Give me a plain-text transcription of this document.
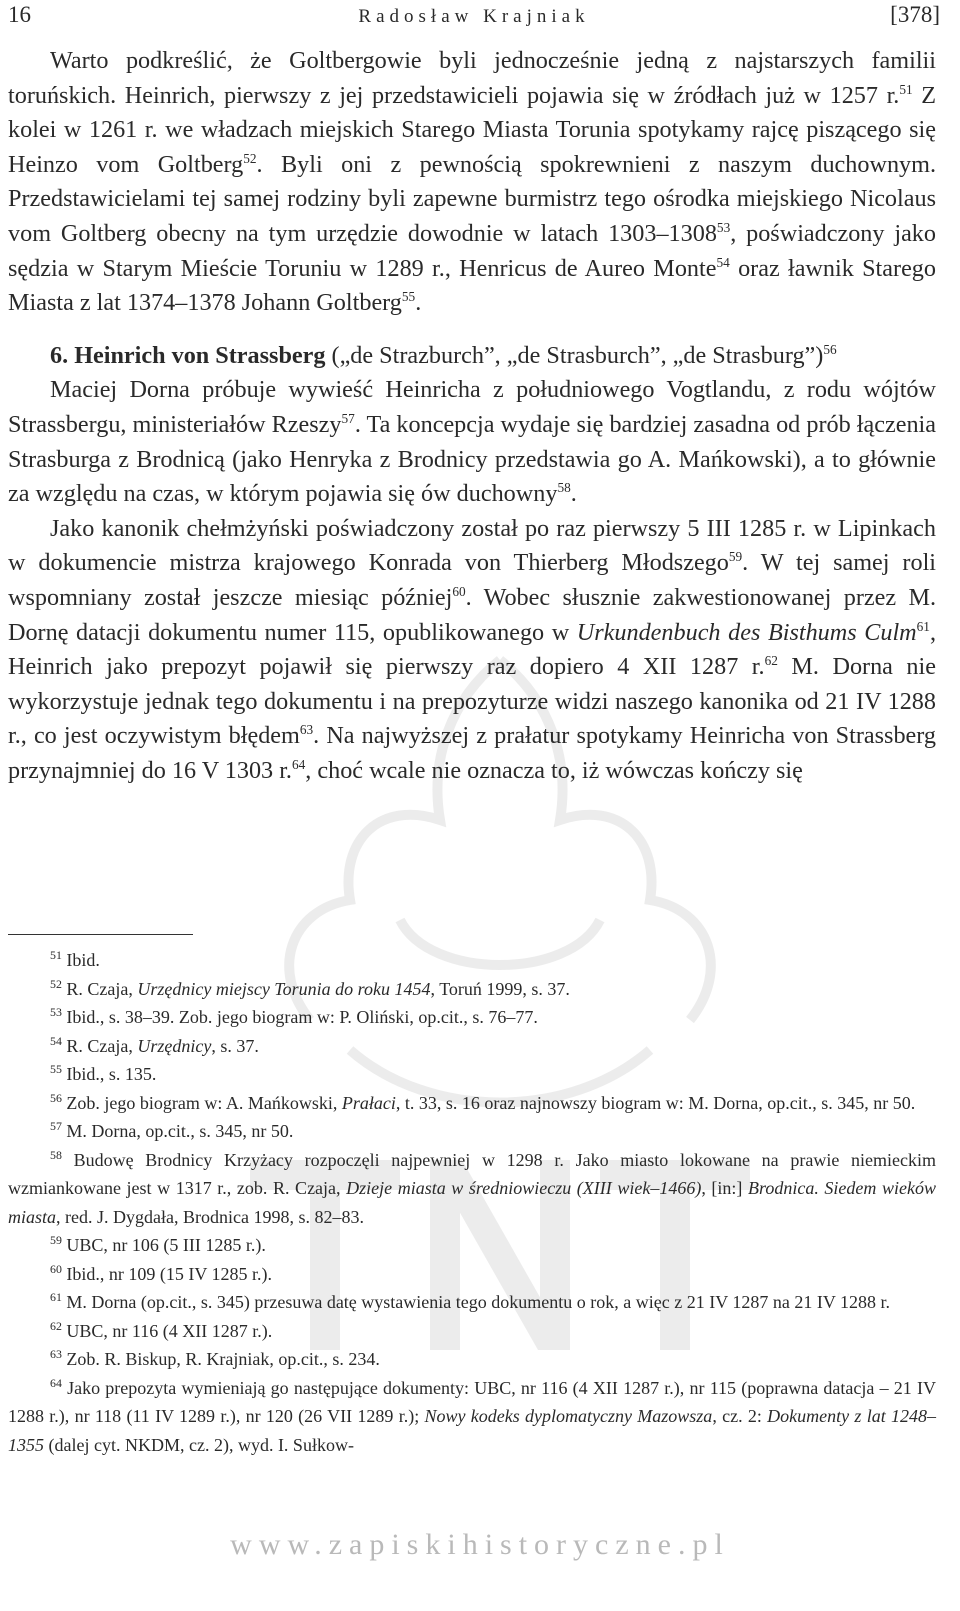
16	Radosław Krajniak	[378]

Warto podkreślić, że Goltbergowie byli jednocześnie jedną z najstarszych familii toruńskich. Heinrich, pierwszy z jej przedstawicieli pojawia się w źródłach już w 1257 r.$^{51}$ Z kolei w 1261 r. we władzach miejskich Starego Miasta Torunia spotykamy rajcę piszącego się Heinzo vom Goltberg$^{52}$. Byli oni z pewnością spokrewnieni z naszym duchownym. Przedstawicielami tej samej rodziny byli zapewne burmistrz tego ośrodka miejskiego Nicolaus vom Goltberg obecny na tym urzędzie dowodnie w latach 1303–1308$^{53}$, poświadczony jako sędzia w Starym Mieście Toruniu w 1289 r., Henricus de Aureo Monte$^{54}$ oraz ławnik Starego Miasta z lat 1374–1378 Johann Goltberg$^{55}$.

6. Heinrich von Strassberg („de Strazburch”, „de Strasburch”, „de Strasburg”)$^{56}$

Maciej Dorna próbuje wywieść Heinricha z południowego Vogtlandu, z rodu wójtów Strassbergu, ministeriałów Rzeszy$^{57}$. Ta koncepcja wydaje się bardziej zasadna od prób łączenia Strasburga z Brodnicą (jako Henryka z Brodnicy przedstawia go A. Mańkowski), a to głównie za względu na czas, w którym pojawia się ów duchowny$^{58}$.

Jako kanonik chełmżyński poświadczony został po raz pierwszy 5 III 1285 r. w Lipinkach w dokumencie mistrza krajowego Konrada von Thierberg Młodszego$^{59}$. W tej samej roli wspomniany został jeszcze miesiąc później$^{60}$. Wobec słusznie zakwestionowanej przez M. Dornę datacji dokumentu numer 115, opublikowanego w Urkundenbuch des Bisthums Culm$^{61}$, Heinrich jako prepozyt pojawił się pierwszy raz dopiero 4 XII 1287 r.$^{62}$ M. Dorna nie wykorzystuje jednak tego dokumentu i na prepozyturze widzi naszego kanonika od 21 IV 1288 r., co jest oczywistym błędem$^{63}$. Na najwyższej z prałatur spotykamy Heinricha von Strassberg przynajmniej do 16 V 1303 r.$^{64}$, choć wcale nie oznacza to, iż wówczas kończy się

$^{51}$ Ibid.

$^{52}$ R. Czaja, Urzędnicy miejscy Torunia do roku 1454, Toruń 1999, s. 37.

$^{53}$ Ibid., s. 38–39. Zob. jego biogram w: P. Oliński, op.cit., s. 76–77.

$^{54}$ R. Czaja, Urzędnicy, s. 37.

$^{55}$ Ibid., s. 135.

$^{56}$ Zob. jego biogram w: A. Mańkowski, Prałaci, t. 33, s. 16 oraz najnowszy biogram w: M. Dorna, op.cit., s. 345, nr 50.

$^{57}$ M. Dorna, op.cit., s. 345, nr 50.

$^{58}$ Budowę Brodnicy Krzyżacy rozpoczęli najpewniej w 1298 r. Jako miasto lokowane na prawie niemieckim wzmiankowane jest w 1317 r., zob. R. Czaja, Dzieje miasta w średniowieczu (XIII wiek–1466), [in:] Brodnica. Siedem wieków miasta, red. J. Dygdała, Brodnica 1998, s. 82–83.

$^{59}$ UBC, nr 106 (5 III 1285 r.).

$^{60}$ Ibid., nr 109 (15 IV 1285 r.).

$^{61}$ M. Dorna (op.cit., s. 345) przesuwa datę wystawienia tego dokumentu o rok, a więc z 21 IV 1287 na 21 IV 1288 r.

$^{62}$ UBC, nr 116 (4 XII 1287 r.).

$^{63}$ Zob. R. Biskup, R. Krajniak, op.cit., s. 234.

$^{64}$ Jako prepozyta wymieniają go następujące dokumenty: UBC, nr 116 (4 XII 1287 r.), nr 115 (poprawna datacja – 21 IV 1288 r.), nr 118 (11 IV 1289 r.), nr 120 (26 VII 1289 r.); Nowy kodeks dyplomatyczny Mazowsza, cz. 2: Dokumenty z lat 1248–1355 (dalej cyt. NKDM, cz. 2), wyd. I. Sułkow-

www.zapiskihistoryczne.pl
